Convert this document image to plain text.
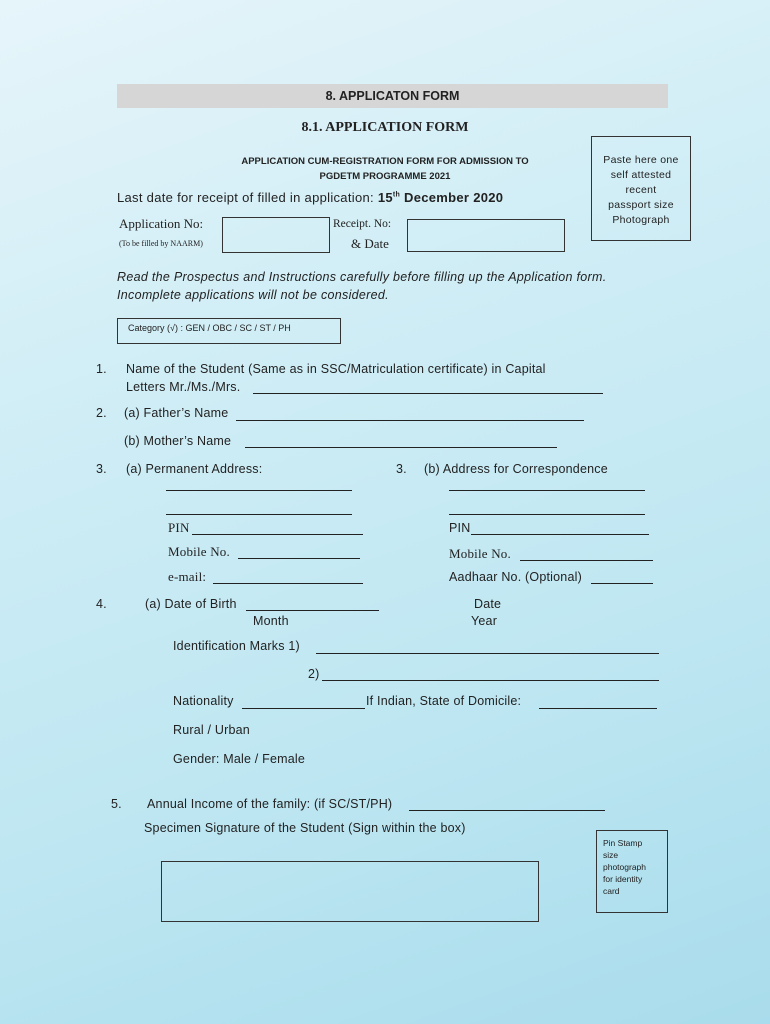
8. APPLICATON FORM
8.1. APPLICATION FORM
APPLICATION CUM-REGISTRATION FORM FOR ADMISSION TO
PGDETM PROGRAMME 2021
Paste here one
self attested
recent
passport size
Photograph
Last date for receipt of filled in application: 15th December 2020
Application No:
(To be filled by NAARM)
Receipt. No:
& Date
Read the Prospectus and Instructions carefully before filling up the Application form.
Incomplete applications will not be considered.
Category (√) : GEN / OBC / SC / ST / PH
1. Name of the Student (Same as in SSC/Matriculation certificate) in Capital
Letters Mr./Ms./Mrs.
2. (a) Father’s Name
(b) Mother’s Name
3. (a) Permanent Address:	3. (b) Address for Correspondence
PIN	PIN
Mobile No.	Mobile No.
e-mail:	Aadhaar No. (Optional)
4.	(a) Date of Birth	Date
Month	Year
Identification Marks 1)
2)
Nationality	If Indian, State of Domicile:
Rural / Urban
Gender: Male / Female
5. Annual Income of the family: (if SC/ST/PH)
Specimen Signature of the Student (Sign within the box)
Pin Stamp
size
photograph
for identity
card
